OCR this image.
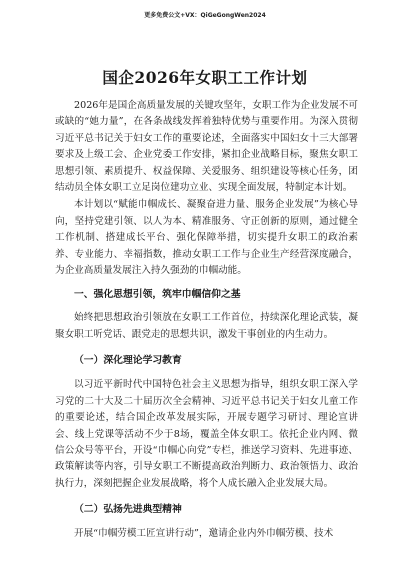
更多免费公文+VX：QiGeGongWen2024
国企2026年女职工工作计划

2026年是国企高质量发展的关键攻坚年，女职工作为企业发展不可或缺的“她力量”，在各条战线发挥着独特优势与重要作用。为深入贯彻习近平总书记关于妇女工作的重要论述，全面落实中国妇女十三大部署要求及上级工会、企业党委工作安排，紧扣企业战略目标，聚焦女职工思想引领、素质提升、权益保障、关爱服务、组织建设等核心任务，团结动员全体女职工立足岗位建功立业、实现全面发展，特制定本计划。

本计划以“赋能巾帼成长、凝聚奋进力量、服务企业发展”为核心导向，坚持党建引领、以人为本、精准服务、守正创新的原则，通过健全工作机制、搭建成长平台、强化保障举措，切实提升女职工的政治素养、专业能力、幸福指数，推动女职工工作与企业生产经营深度融合，为企业高质量发展注入持久强劲的巾帼动能。

一、强化思想引领，筑牢巾帼信仰之基

始终把思想政治引领放在女职工工作首位，持续深化理论武装，凝聚女职工听党话、跟党走的思想共识，激发干事创业的内生动力。

（一）深化理论学习教育

以习近平新时代中国特色社会主义思想为指导，组织女职工深入学习党的二十大及二十届历次全会精神、习近平总书记关于妇女儿童工作的重要论述，结合国企改革发展实际，开展专题学习研讨、理论宣讲会、线上党课等活动不少于8场，覆盖全体女职工。依托企业内网、微信公众号等平台，开设“巾帼心向党”专栏，推送学习资料、先进事迹、政策解读等内容，引导女职工不断提高政治判断力、政治领悟力、政治执行力，深刻把握企业发展战略，将个人成长融入企业发展大局。

（二）弘扬先进典型精神

开展“巾帼劳模工匠宣讲行动”，邀请企业内外巾帼劳模、技术
